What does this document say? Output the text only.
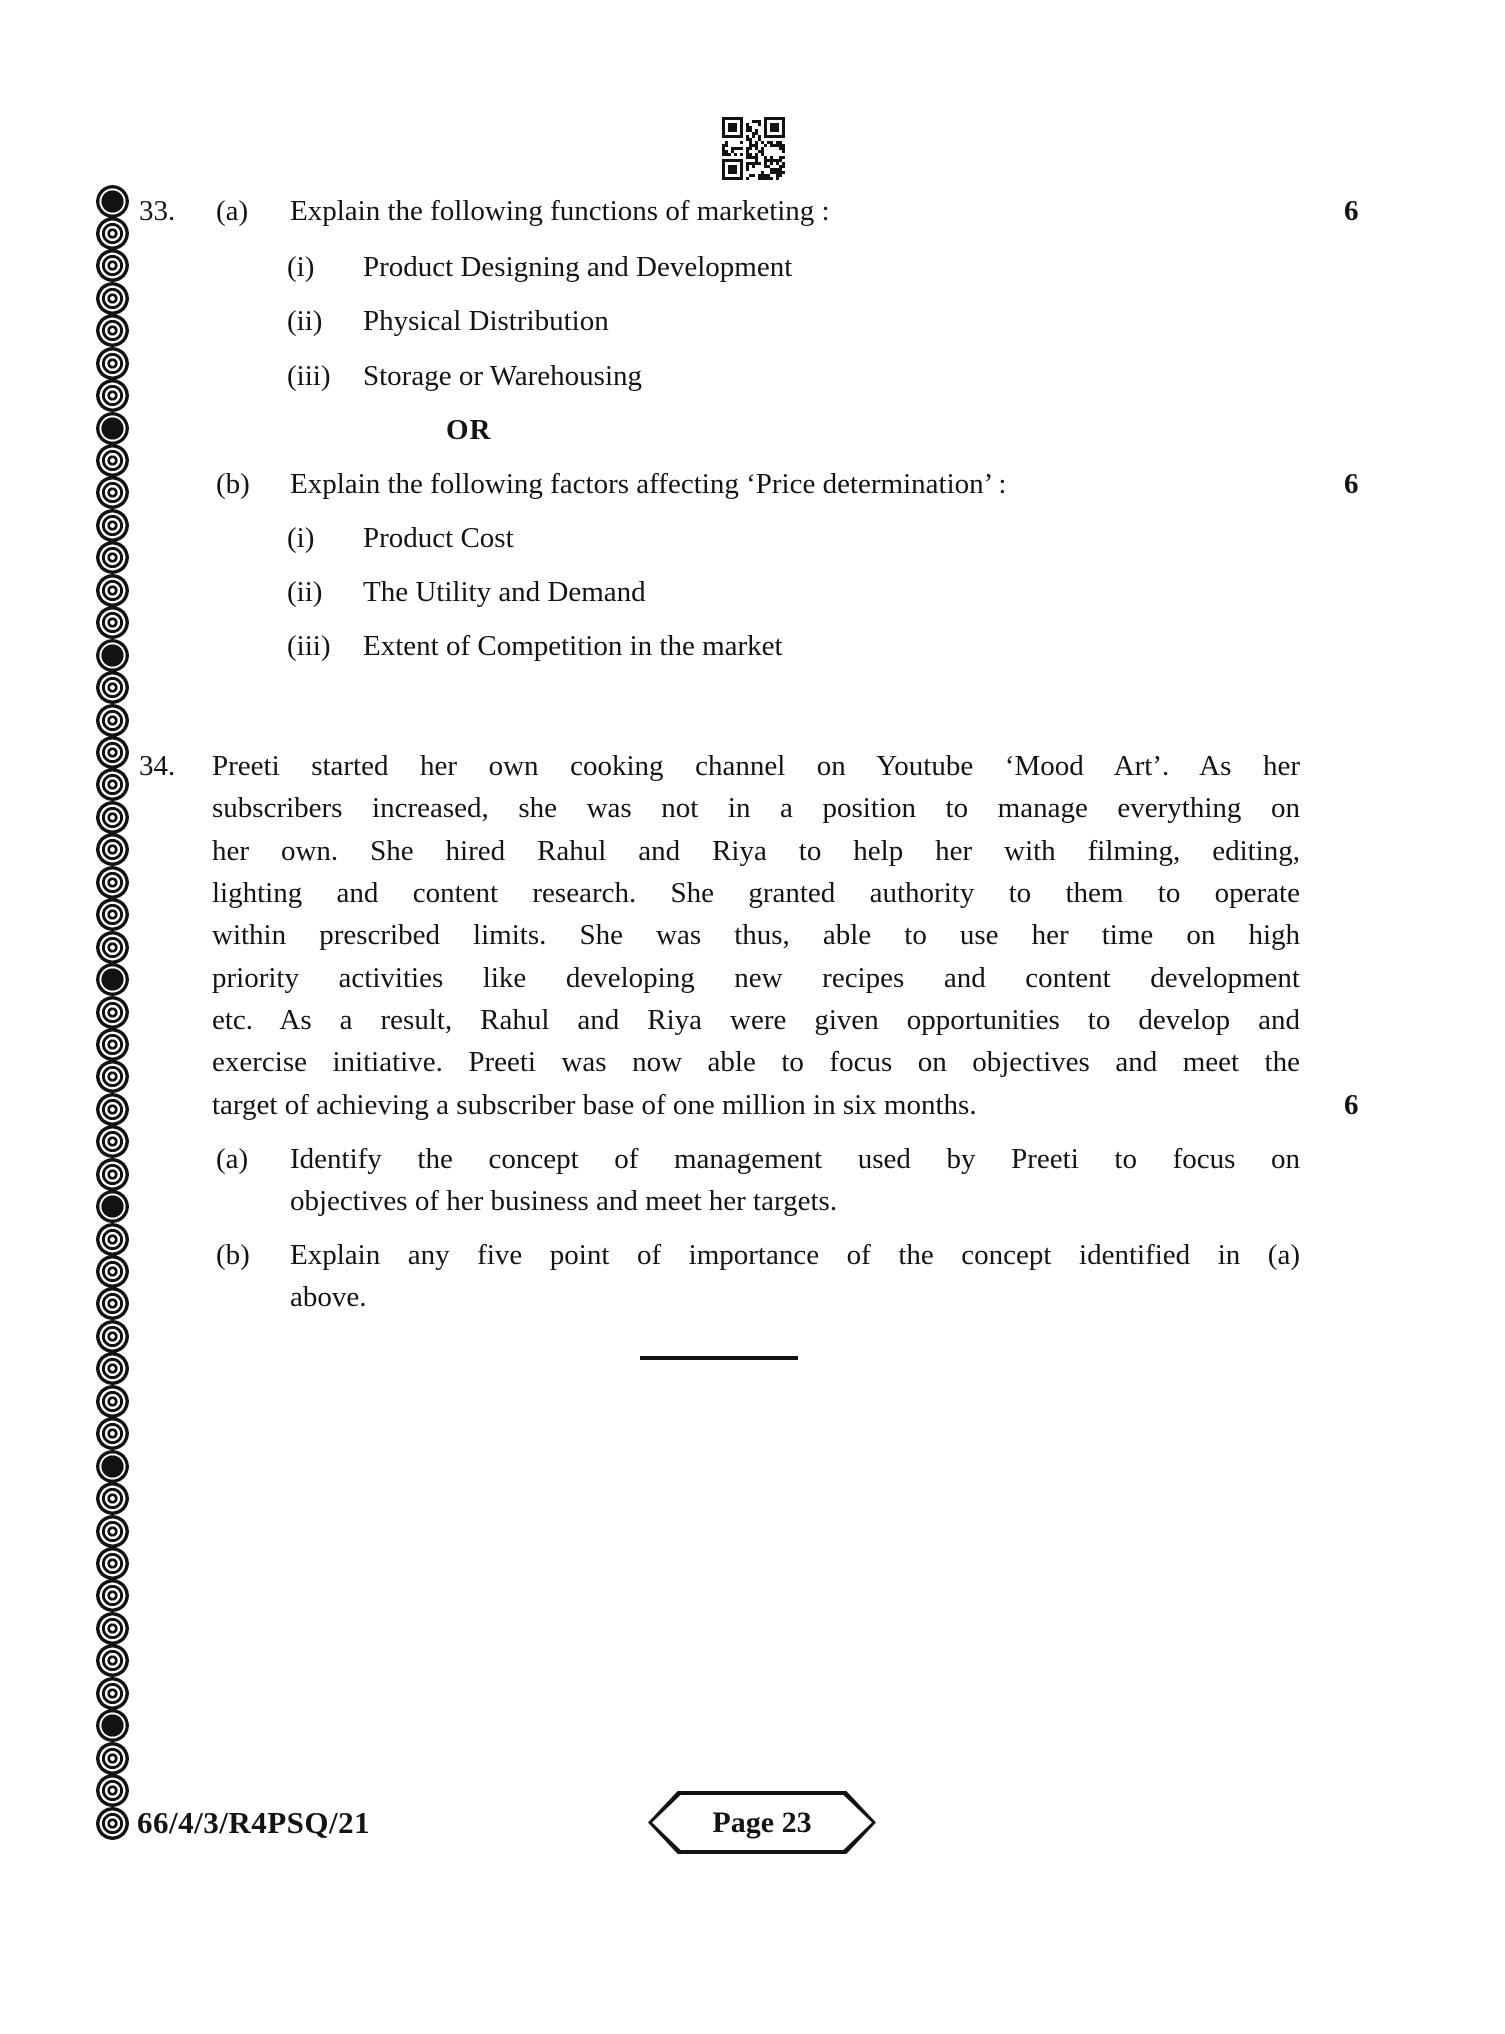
33. (a) Explain the following functions of marketing :	6
(i) Product Designing and Development
(ii) Physical Distribution
(iii) Storage or Warehousing
OR
(b) Explain the following factors affecting ‘Price determination’ :	6
(i) Product Cost
(ii) The Utility and Demand
(iii) Extent of Competition in the market
34. Preeti started her own cooking channel on Youtube ‘Mood Art’. As her
subscribers increased, she was not in a position to manage everything on
her own. She hired Rahul and Riya to help her with filming, editing,
lighting and content research. She granted authority to them to operate
within prescribed limits. She was thus, able to use her time on high
priority activities like developing new recipes and content development
etc. As a result, Rahul and Riya were given opportunities to develop and
exercise initiative. Preeti was now able to focus on objectives and meet the
target of achieving a subscriber base of one million in six months.	6
(a) Identify the concept of management used by Preeti to focus on
objectives of her business and meet her targets.
(b) Explain any five point of importance of the concept identified in (a)
above.
66/4/3/R4PSQ/21	Page 23
